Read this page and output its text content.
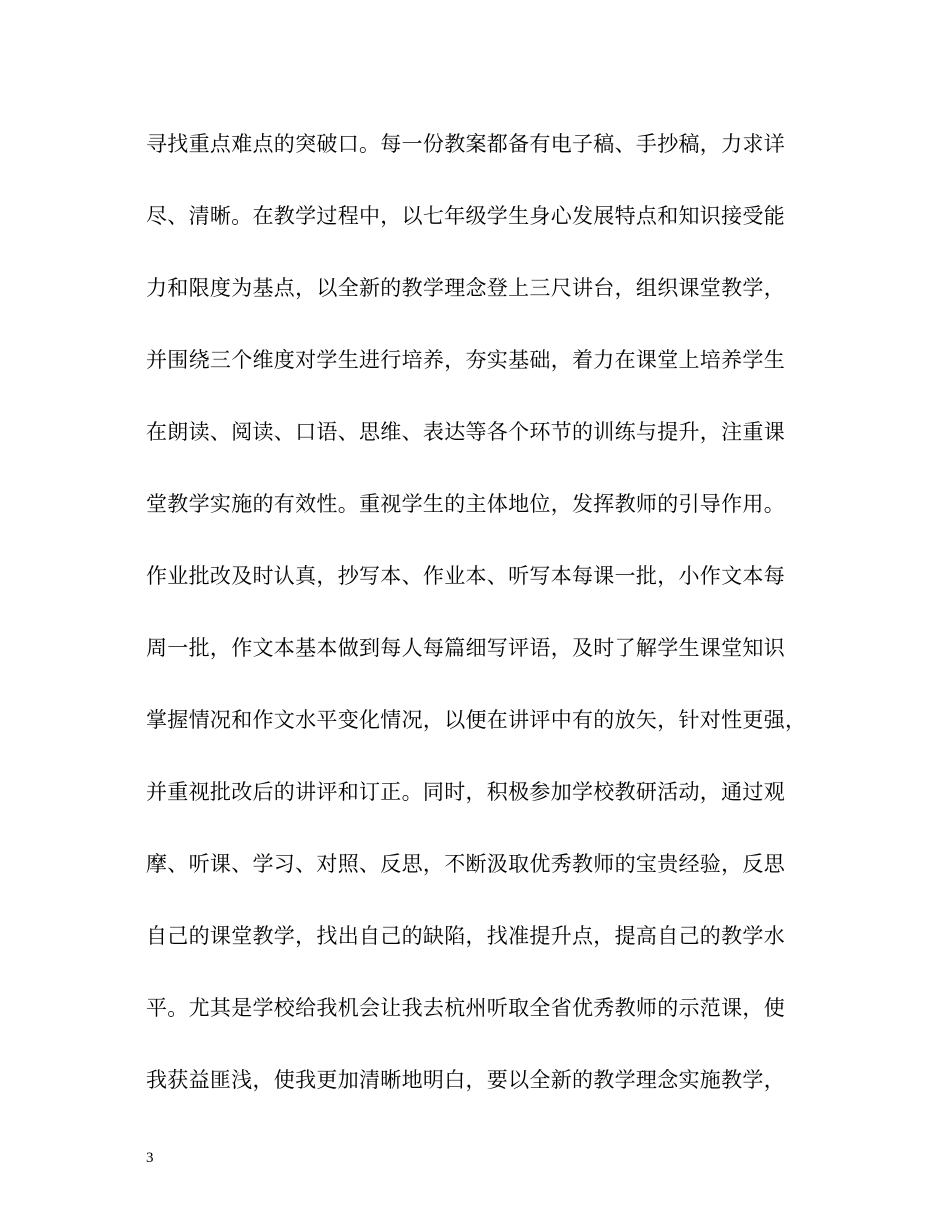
寻找重点难点的突破口。每一份教案都备有电子稿、手抄稿，力求详
尽、清晰。在教学过程中，以七年级学生身心发展特点和知识接受能
力和限度为基点，以全新的教学理念登上三尺讲台，组织课堂教学，
并围绕三个维度对学生进行培养，夯实基础，着力在课堂上培养学生
在朗读、阅读、口语、思维、表达等各个环节的训练与提升，注重课
堂教学实施的有效性。重视学生的主体地位，发挥教师的引导作用。
作业批改及时认真，抄写本、作业本、听写本每课一批，小作文本每
周一批，作文本基本做到每人每篇细写评语，及时了解学生课堂知识
掌握情况和作文水平变化情况，以便在讲评中有的放矢，针对性更强，
并重视批改后的讲评和订正。同时，积极参加学校教研活动，通过观
摩、听课、学习、对照、反思，不断汲取优秀教师的宝贵经验，反思
自己的课堂教学，找出自己的缺陷，找准提升点，提高自己的教学水
平。尤其是学校给我机会让我去杭州听取全省优秀教师的示范课，使
我获益匪浅，使我更加清晰地明白，要以全新的教学理念实施教学，
3
